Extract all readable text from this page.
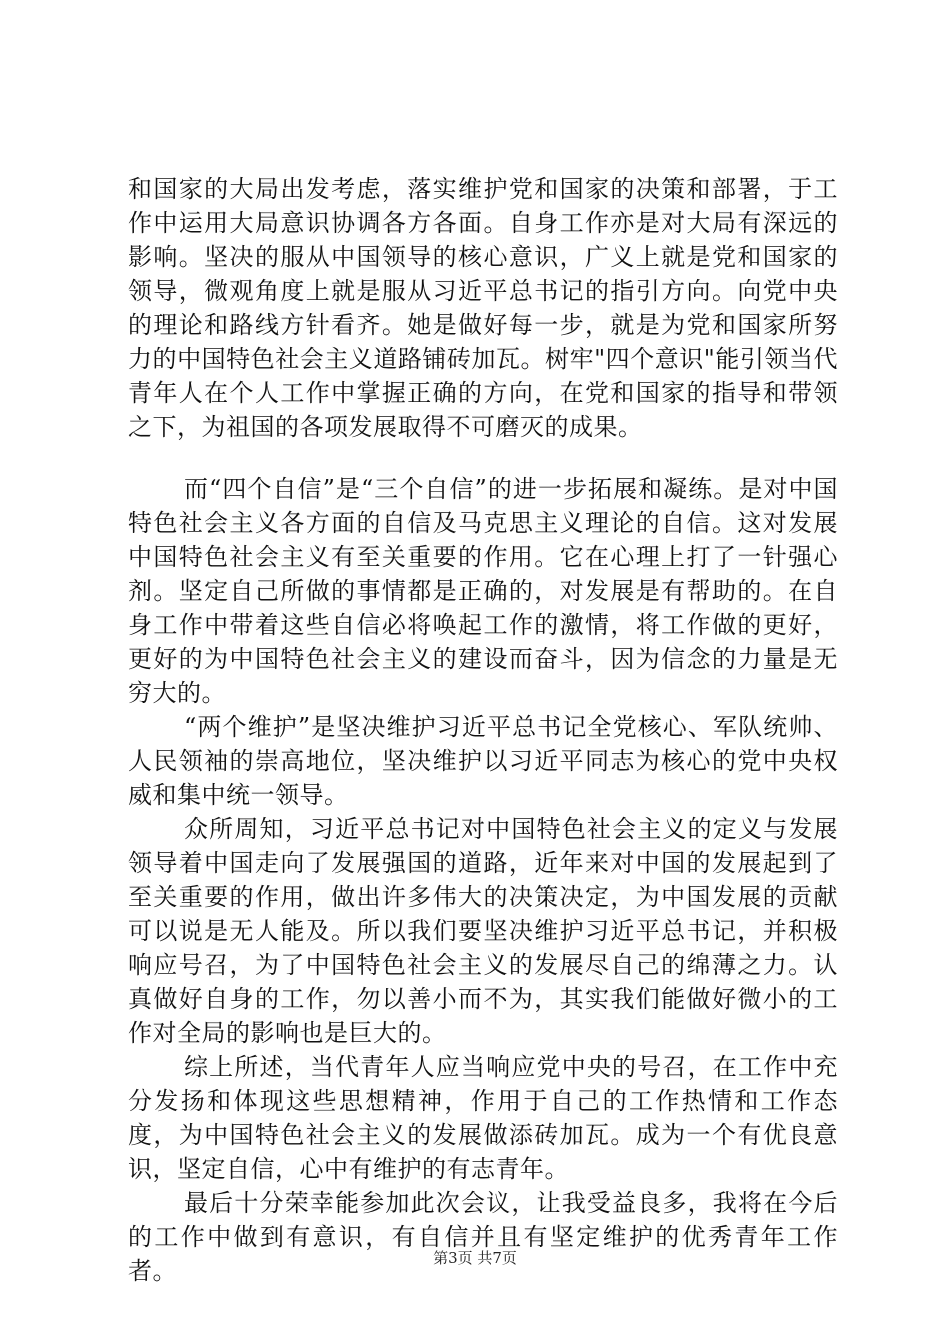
和国家的大局出发考虑，落实维护党和国家的决策和部署，于工作中运用大局意识协调各方各面。自身工作亦是对大局有深远的影响。坚决的服从中国领导的核心意识，广义上就是党和国家的领导，微观角度上就是服从习近平总书记的指引方向。向党中央的理论和路线方针看齐。她是做好每一步，就是为党和国家所努力的中国特色社会主义道路铺砖加瓦。树牢"四个意识"能引领当代青年人在个人工作中掌握正确的方向，在党和国家的指导和带领之下，为祖国的各项发展取得不可磨灭的成果。

而“四个自信”是“三个自信”的进一步拓展和凝练。是对中国特色社会主义各方面的自信及马克思主义理论的自信。这对发展中国特色社会主义有至关重要的作用。它在心理上打了一针强心剂。坚定自己所做的事情都是正确的，对发展是有帮助的。在自身工作中带着这些自信必将唤起工作的激情，将工作做的更好，更好的为中国特色社会主义的建设而奋斗，因为信念的力量是无穷大的。

“两个维护”是坚决维护习近平总书记全党核心、军队统帅、人民领袖的崇高地位，坚决维护以习近平同志为核心的党中央权威和集中统一领导。

众所周知，习近平总书记对中国特色社会主义的定义与发展领导着中国走向了发展强国的道路，近年来对中国的发展起到了至关重要的作用，做出许多伟大的决策决定，为中国发展的贡献可以说是无人能及。所以我们要坚决维护习近平总书记，并积极响应号召，为了中国特色社会主义的发展尽自己的绵薄之力。认真做好自身的工作，勿以善小而不为，其实我们能做好微小的工作对全局的影响也是巨大的。

综上所述，当代青年人应当响应党中央的号召，在工作中充分发扬和体现这些思想精神，作用于自己的工作热情和工作态度，为中国特色社会主义的发展做添砖加瓦。成为一个有优良意识，坚定自信，心中有维护的有志青年。

最后十分荣幸能参加此次会议，让我受益良多，我将在今后的工作中做到有意识，有自信并且有坚定维护的优秀青年工作者。	第3页 共7页
